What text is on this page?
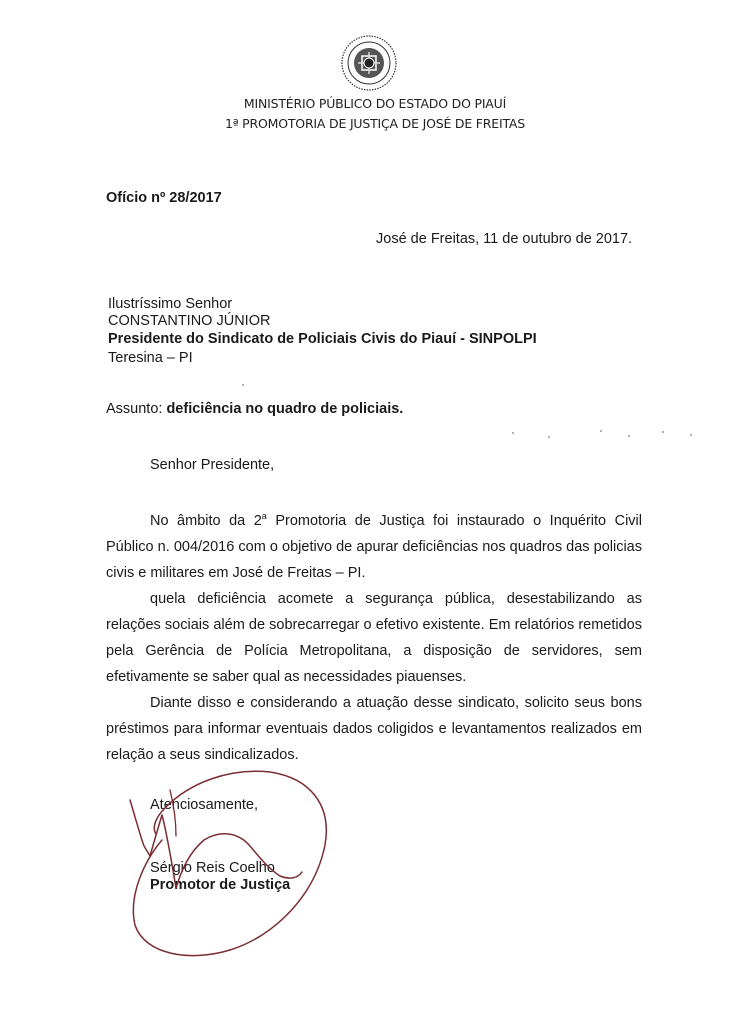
MINISTÉRIO PÚBLICO DO ESTADO DO PIAUÍ
1ª PROMOTORIA DE JUSTIÇA DE JOSÉ DE FREITAS
Ofício nº 28/2017
José de Freitas, 11 de outubro de 2017.
Ilustríssimo Senhor
CONSTANTINO JÚNIOR
Presidente do Sindicato de Policiais Civis do Piauí - SINPOLPI
Teresina – PI
Assunto: deficiência no quadro de policiais.
Senhor Presidente,

No âmbito da 2$^a$ Promotoria de Justiça foi instaurado o Inquérito Civil Público n. 004/2016 com o objetivo de apurar deficiências nos quadros das policias civis e militares em José de Freitas – PI.

quela deficiência acomete a segurança pública, desestabilizando as relações sociais além de sobrecarregar o efetivo existente. Em relatórios remetidos pela Gerência de Polícia Metropolitana, a disposição de servidores, sem efetivamente se saber qual as necessidades piauenses.

Diante disso e considerando a atuação desse sindicato, solicito seus bons préstimos para informar eventuais dados coligidos e levantamentos realizados em relação a seus sindicalizados.

Atenciosamente,
Sérgio Reis Coelho
Promotor de Justiça
